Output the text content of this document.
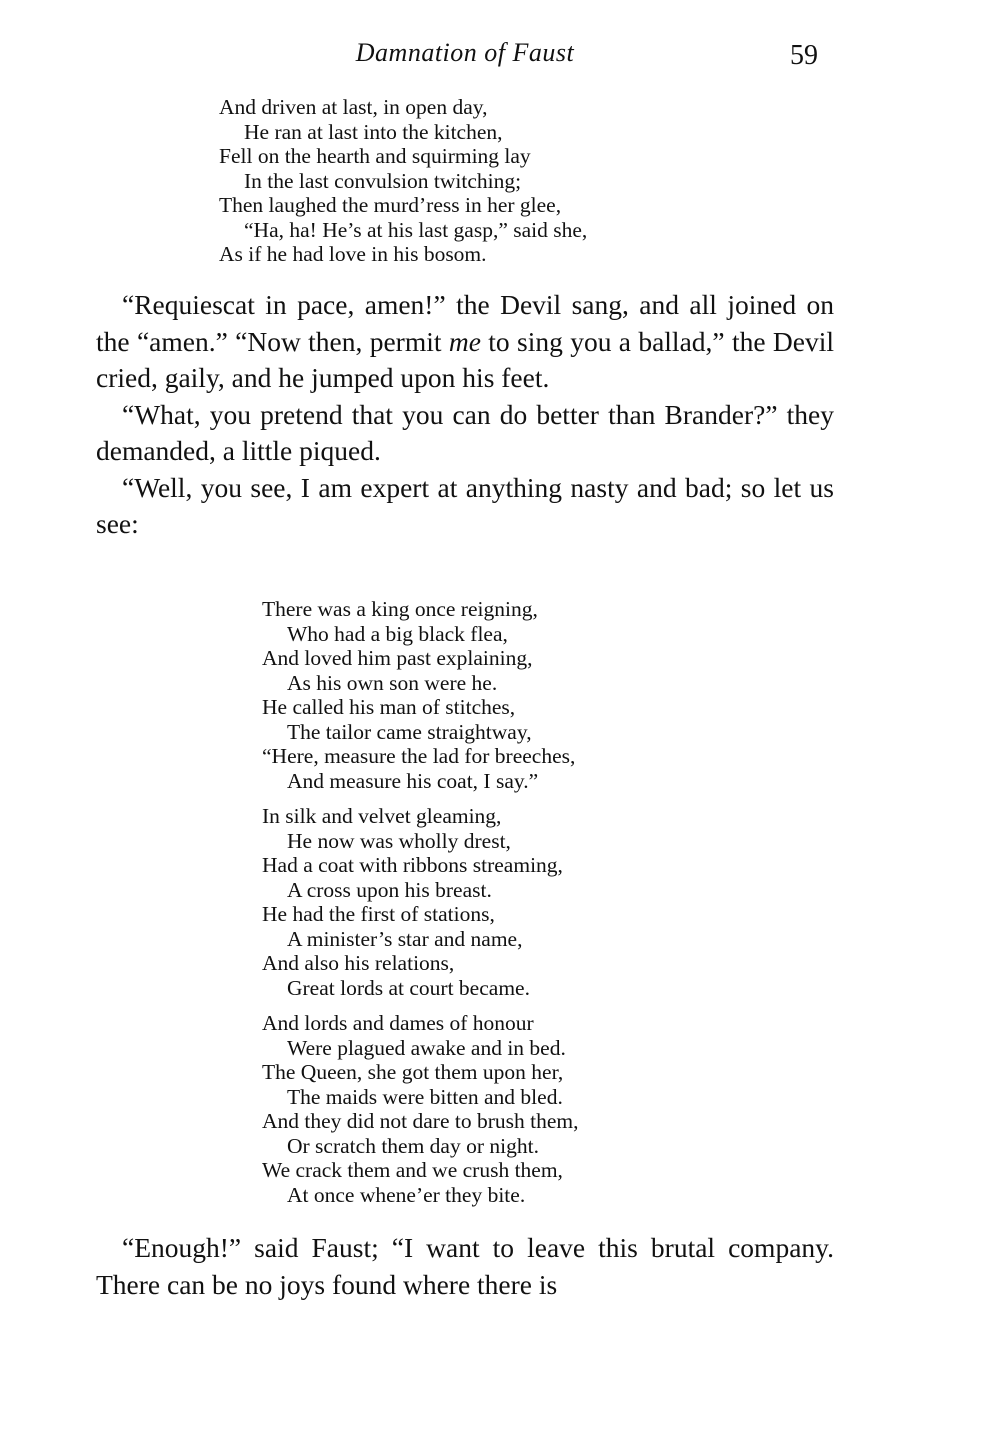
Damnation of Faust	59
And driven at last, in open day,
He ran at last into the kitchen,
Fell on the hearth and squirming lay
In the last convulsion twitching;
Then laughed the murd’ress in her glee,
“Ha, ha! He’s at his last gasp,” said she,
As if he had love in his bosom.

“Requiescat in pace, amen!” the Devil sang, and all joined on the “amen.” “Now then, permit me to sing you a ballad,” the Devil cried, gaily, and he jumped upon his feet.

“What, you pretend that you can do better than Brander?” they demanded, a little piqued.

“Well, you see, I am expert at anything nasty and bad; so let us see:

There was a king once reigning,
Who had a big black flea,
And loved him past explaining,
As his own son were he.
He called his man of stitches,
The tailor came straightway,
“Here, measure the lad for breeches,
And measure his coat, I say.”
In silk and velvet gleaming,
He now was wholly drest,
Had a coat with ribbons streaming,
A cross upon his breast.
He had the first of stations,
A minister’s star and name,
And also his relations,
Great lords at court became.
And lords and dames of honour
Were plagued awake and in bed.
The Queen, she got them upon her,
The maids were bitten and bled.
And they did not dare to brush them,
Or scratch them day or night.
We crack them and we crush them,
At once whene’er they bite.

“Enough!” said Faust; “I want to leave this brutal company. There can be no joys found where there is
